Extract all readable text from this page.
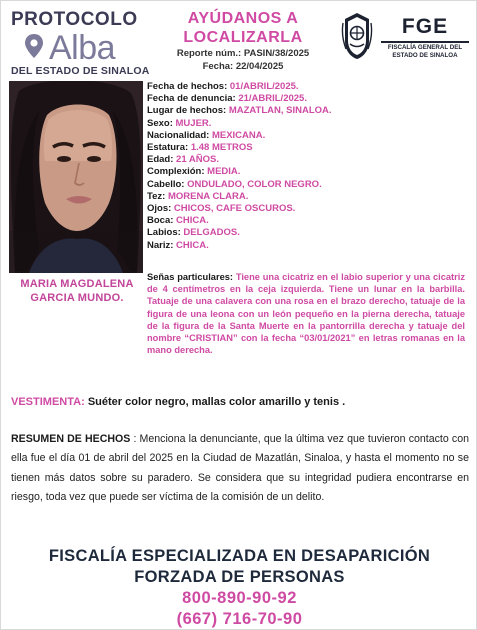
PROTOCOLO
Alba
DEL ESTADO DE SINALOA
AYÚDANOS A
LOCALIZARLA
Reporte núm.: PASIN/38/2025
Fecha: 22/04/2025
FGE
FISCALÍA GENERAL DEL
ESTADO DE SINALOA
MARIA MAGDALENA
GARCIA MUNDO.
Fecha de hechos: 01/ABRIL/2025.
Fecha de denuncia: 21/ABRIL/2025.
Lugar de hechos: MAZATLAN, SINALOA.
Sexo: MUJER.
Nacionalidad: MEXICANA.
Estatura: 1.48 METROS
Edad: 21 AÑOS.
Complexión: MEDIA.
Cabello: ONDULADO, COLOR NEGRO.
Tez: MORENA CLARA.
Ojos: CHICOS, CAFE OSCUROS.
Boca: CHICA.
Labios: DELGADOS.
Nariz: CHICA.
Señas particulares: Tiene una cicatriz en el labio superior y una cicatriz de 4 centímetros en la ceja izquierda. Tiene un lunar en la barbilla. Tatuaje de una calavera con una rosa en el brazo derecho, tatuaje de la figura de una leona con un león pequeño en la pierna derecha, tatuaje de la figura de la Santa Muerte en la pantorrilla derecha y tatuaje del nombre “CRISTIAN” con la fecha “03/01/2021” en letras romanas en la mano derecha.
VESTIMENTA: Suéter color negro, mallas color amarillo y tenis .
RESUMEN DE HECHOS : Menciona la denunciante, que la última vez que tuvieron contacto con ella fue el día 01 de abril del 2025 en la Ciudad de Mazatlán, Sinaloa, y hasta el momento no se tienen más datos sobre su paradero. Se considera que su integridad pudiera encontrarse en riesgo, toda vez que puede ser víctima de la comisión de un delito.
FISCALÍA ESPECIALIZADA EN DESAPARICIÓN
FORZADA DE PERSONAS
800-890-90-92
(667) 716-70-90
